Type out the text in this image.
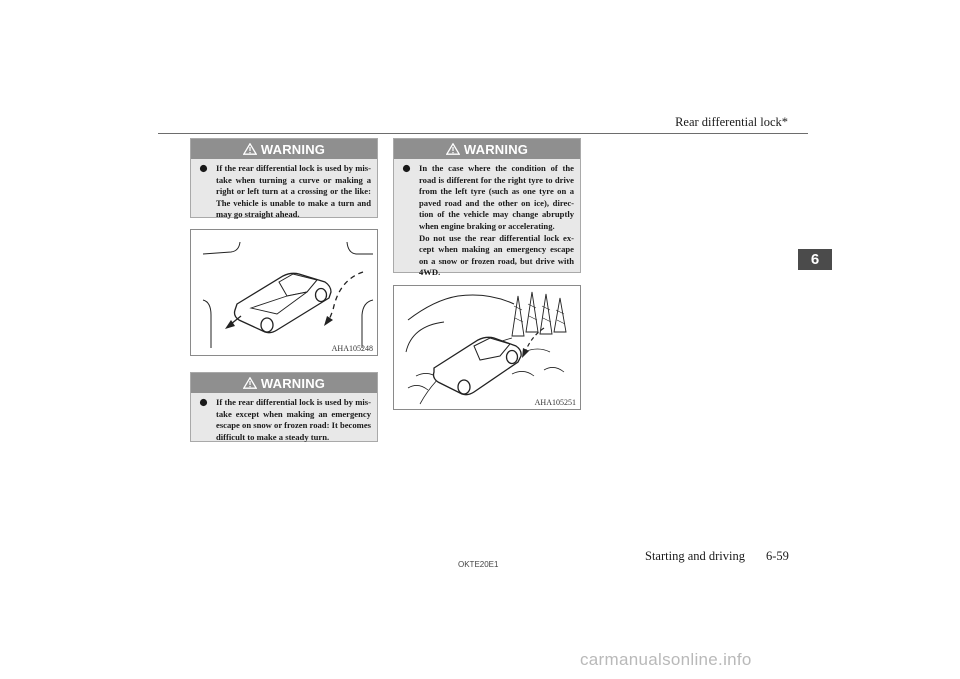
Rear differential lock*
6
WARNING

If the rear differential lock is used by mis-take when turning a curve or making a right or left turn at a crossing or the like: The vehicle is unable to make a turn and may go straight ahead.

AHA105248
WARNING

If the rear differential lock is used by mis-take except when making an emergency escape on snow or frozen road: It becomes difficult to make a steady turn.

WARNING

In the case where the condition of the road is different for the right tyre to drive from the left tyre (such as one tyre on a paved road and the other on ice), direc-tion of the vehicle may change abruptly when engine braking or accelerating.

Do not use the rear differential lock ex-cept when making an emergency escape on a snow or frozen road, but drive with 4WD.

AHA105251
OKTE20E1
Starting and driving 6-59
carmanualsonline.info
